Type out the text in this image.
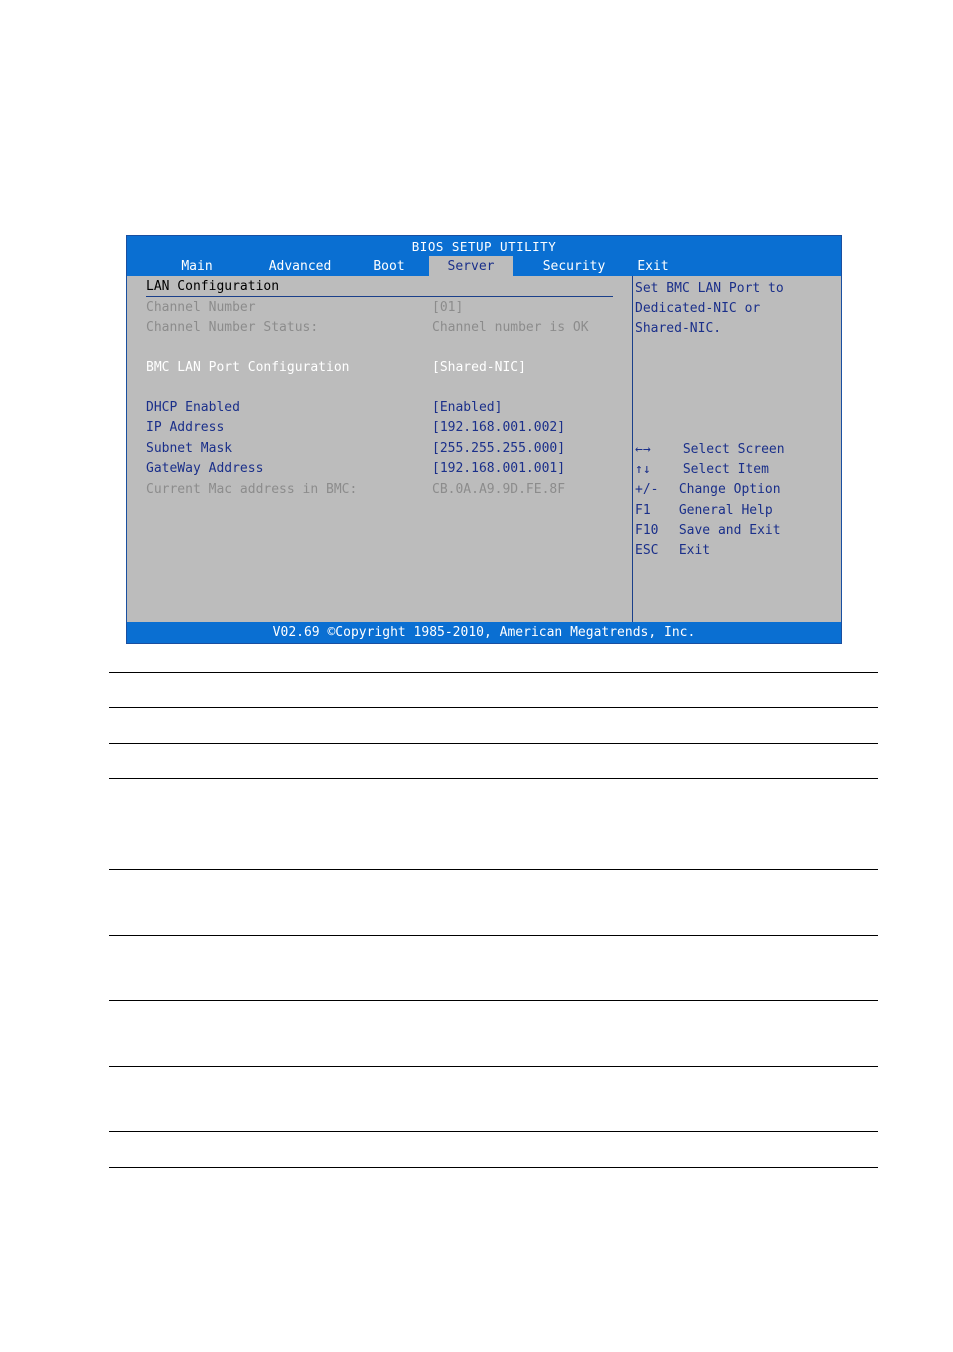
BIOS SETUP UTILITY
Main	Advanced	Boot	Server	Security	Exit
LAN Configuration
Channel Number	[01]
Channel Number Status:	Channel number is OK
BMC LAN Port Configuration	[Shared-NIC]
DHCP Enabled	[Enabled]
IP Address	[192.168.001.002]
Subnet Mask	[255.255.255.000]
GateWay Address	[192.168.001.001]
Current Mac address in BMC:	CB.0A.A9.9D.FE.8F
Set BMC LAN Port to
Dedicated-NIC or
Shared-NIC.
←→ Select Screen
↑↓ Select Item
+/- Change Option
F1 General Help
F10 Save and Exit
ESC Exit
V02.69 ©Copyright 1985-2010, American Megatrends, Inc.
